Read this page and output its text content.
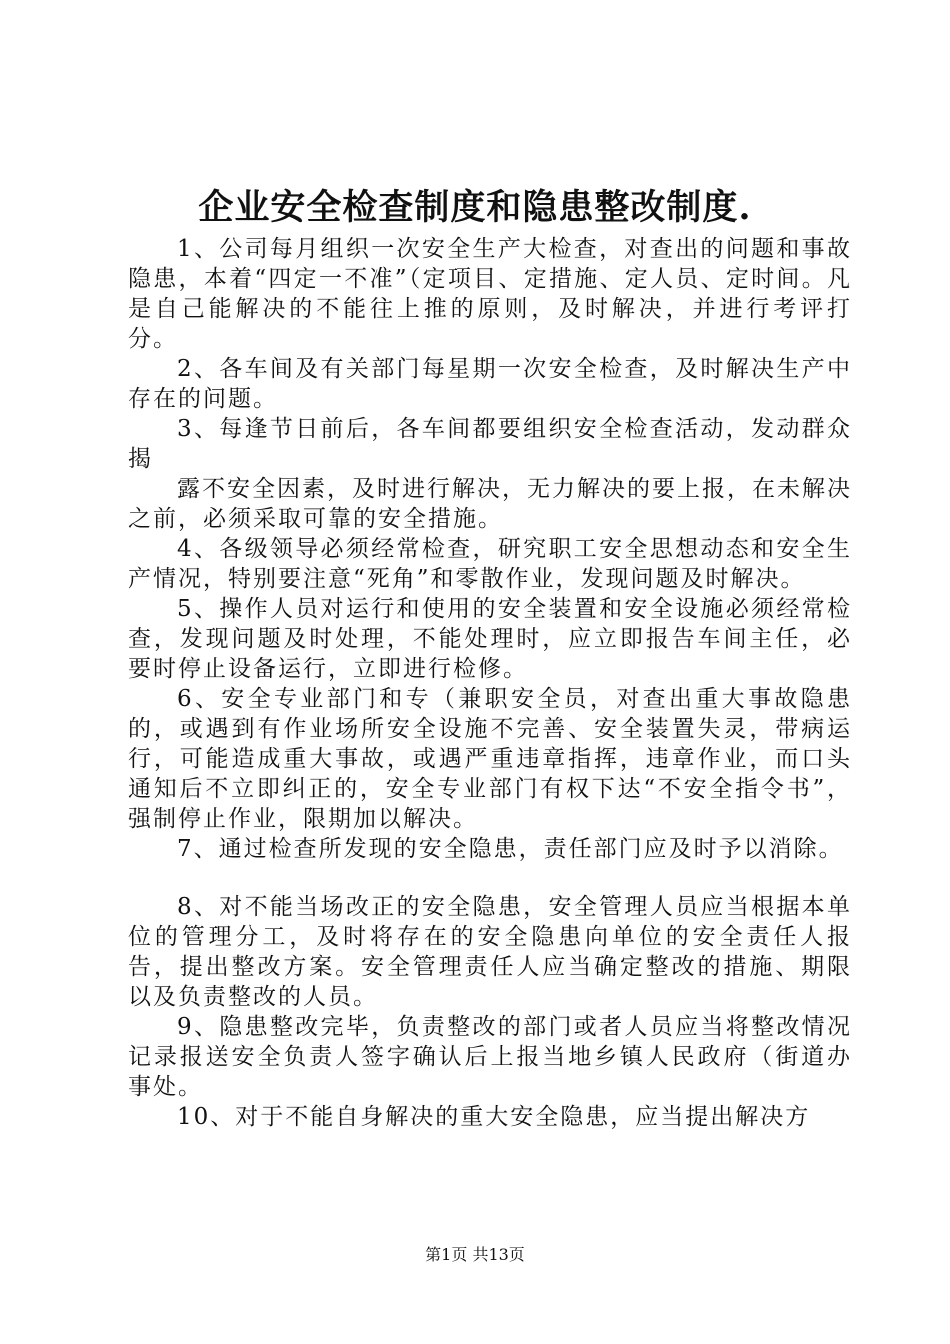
企业安全检查制度和隐患整改制度.

1、公司每月组织一次安全生产大检查，对查出的问题和事故隐患，本着“四定一不准”（定项目、定措施、定人员、定时间。凡是自己能解决的不能往上推的原则，及时解决，并进行考评打分。

2、各车间及有关部门每星期一次安全检查，及时解决生产中存在的问题。

3、每逢节日前后，各车间都要组织安全检查活动，发动群众揭

露不安全因素，及时进行解决，无力解决的要上报，在未解决之前，必须采取可靠的安全措施。

4、各级领导必须经常检查，研究职工安全思想动态和安全生产情况，特别要注意“死角”和零散作业，发现问题及时解决。

5、操作人员对运行和使用的安全装置和安全设施必须经常检查，发现问题及时处理，不能处理时，应立即报告车间主任，必要时停止设备运行，立即进行检修。

6、安全专业部门和专（兼职安全员，对查出重大事故隐患的，或遇到有作业场所安全设施不完善、安全装置失灵，带病运行，可能造成重大事故，或遇严重违章指挥，违章作业，而口头通知后不立即纠正的，安全专业部门有权下达“不安全指令书”，强制停止作业，限期加以解决。

7、通过检查所发现的安全隐患，责任部门应及时予以消除。

8、对不能当场改正的安全隐患，安全管理人员应当根据本单位的管理分工，及时将存在的安全隐患向单位的安全责任人报告，提出整改方案。安全管理责任人应当确定整改的措施、期限以及负责整改的人员。

9、隐患整改完毕，负责整改的部门或者人员应当将整改情况记录报送安全负责人签字确认后上报当地乡镇人民政府（街道办事处。

10、对于不能自身解决的重大安全隐患，应当提出解决方

第1页 共13页
